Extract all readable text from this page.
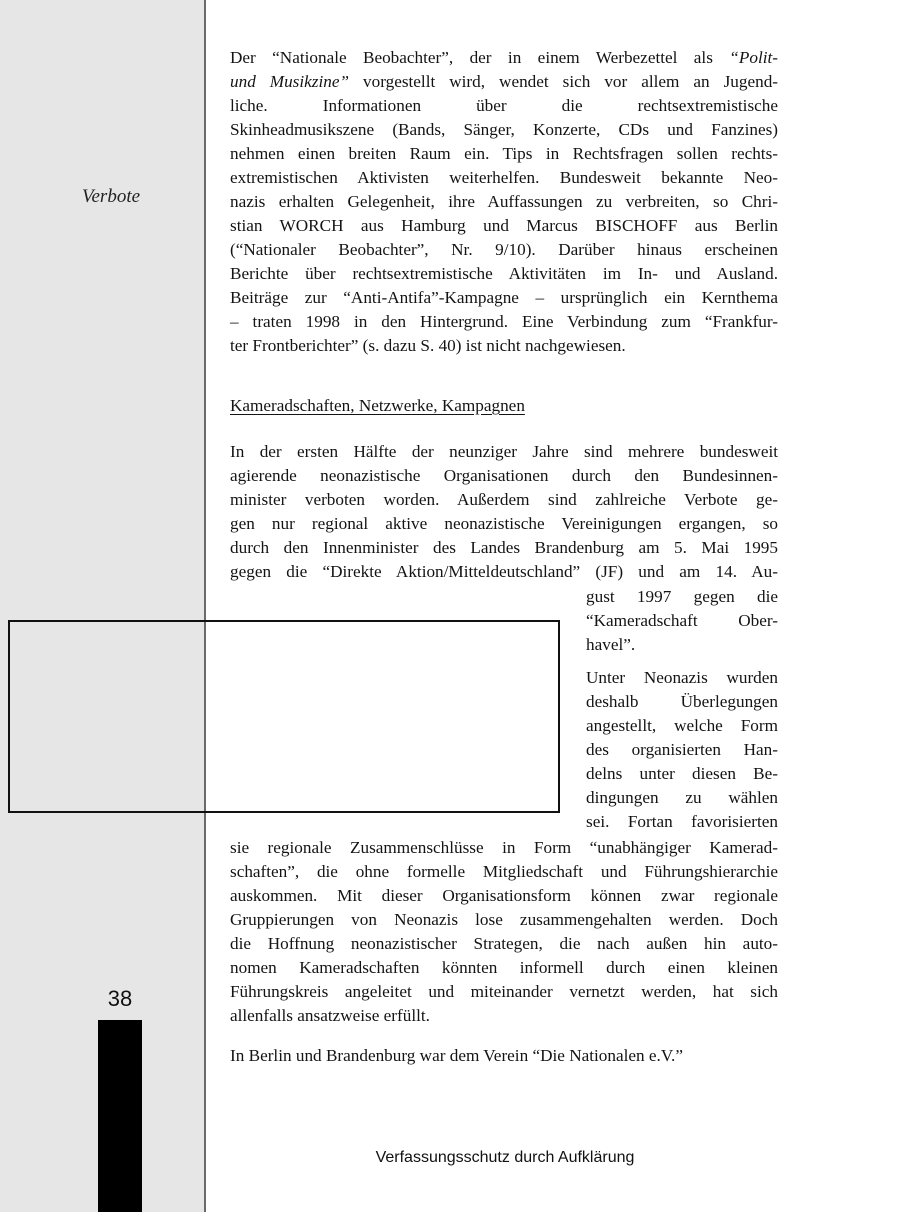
Verbote
38
Der “Nationale Beobachter”, der in einem Werbezettel als “Polit-
und Musikzine” vorgestellt wird, wendet sich vor allem an Jugend-
liche. Informationen über die rechtsextremistische
Skinheadmusikszene (Bands, Sänger, Konzerte, CDs und Fanzines)
nehmen einen breiten Raum ein. Tips in Rechtsfragen sollen rechts-
extremistischen Aktivisten weiterhelfen. Bundesweit bekannte Neo-
nazis erhalten Gelegenheit, ihre Auffassungen zu verbreiten, so Chri-
stian WORCH aus Hamburg und Marcus BISCHOFF aus Berlin
(“Nationaler Beobachter”, Nr. 9/10). Darüber hinaus erscheinen
Berichte über rechtsextremistische Aktivitäten im In- und Ausland.
Beiträge zur “Anti-Antifa”-Kampagne – ursprünglich ein Kernthema
– traten 1998 in den Hintergrund. Eine Verbindung zum “Frankfur-
ter Frontberichter” (s. dazu S. 40) ist nicht nachgewiesen.
Kameradschaften, Netzwerke, Kampagnen
In der ersten Hälfte der neunziger Jahre sind mehrere bundesweit
agierende neonazistische Organisationen durch den Bundesinnen-
minister verboten worden. Außerdem sind zahlreiche Verbote ge-
gen nur regional aktive neonazistische Vereinigungen ergangen, so
durch den Innenminister des Landes Brandenburg am 5. Mai 1995
gegen die “Direkte Aktion/Mitteldeutschland” (JF) und am 14. Au-
gust 1997 gegen die
“Kameradschaft Ober-
havel”.
Unter Neonazis wurden
deshalb Überlegungen
angestellt, welche Form
des organisierten Han-
delns unter diesen Be-
dingungen zu wählen
sei. Fortan favorisierten
sie regionale Zusammenschlüsse in Form “unabhängiger Kamerad-
schaften”, die ohne formelle Mitgliedschaft und Führungshierarchie
auskommen. Mit dieser Organisationsform können zwar regionale
Gruppierungen von Neonazis lose zusammengehalten werden. Doch
die Hoffnung neonazistischer Strategen, die nach außen hin auto-
nomen Kameradschaften könnten informell durch einen kleinen
Führungskreis angeleitet und miteinander vernetzt werden, hat sich
allenfalls ansatzweise erfüllt.
In Berlin und Brandenburg war dem Verein “Die Nationalen e.V.”
Verfassungsschutz durch Aufklärung
